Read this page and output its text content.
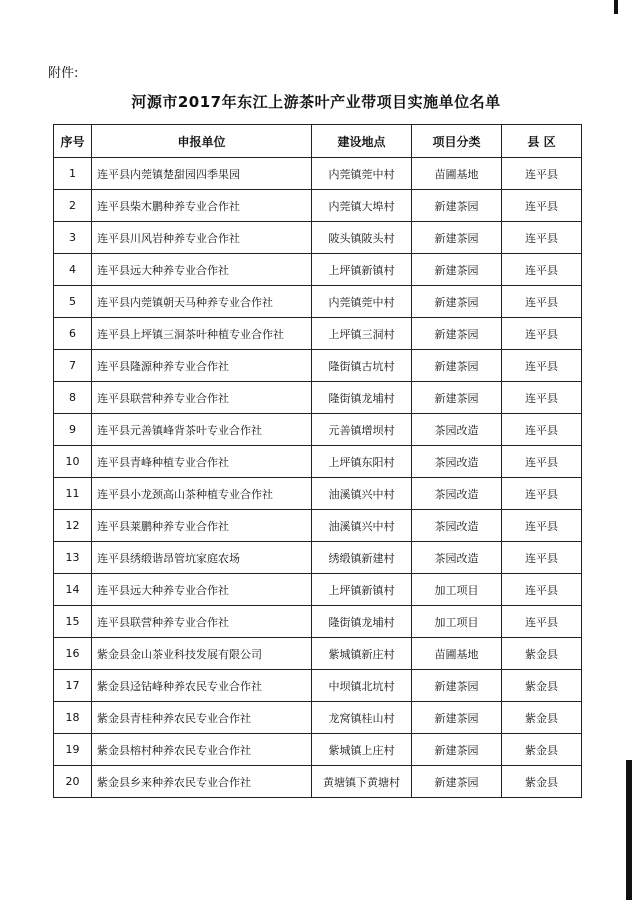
附件:
河源市2017年东江上游茶叶产业带项目实施单位名单
序号	申报单位	建设地点	项目分类	县 区
1	连平县内莞镇楚甜园四季果园	内莞镇莞中村	苗圃基地	连平县
2	连平县柴木鹏种养专业合作社	内莞镇大埠村	新建茶园	连平县
3	连平县川风岩种养专业合作社	陂头镇陂头村	新建茶园	连平县
4	连平县远大种养专业合作社	上坪镇新镇村	新建茶园	连平县
5	连平县内莞镇朝天马种养专业合作社	内莞镇莞中村	新建茶园	连平县
6	连平县上坪镇三洞茶叶种植专业合作社	上坪镇三洞村	新建茶园	连平县
7	连平县隆源种养专业合作社	隆街镇古坑村	新建茶园	连平县
8	连平县联营种养专业合作社	隆街镇龙埔村	新建茶园	连平县
9	连平县元善镇峰背茶叶专业合作社	元善镇增坝村	茶园改造	连平县
10	连平县青峰种植专业合作社	上坪镇东阳村	茶园改造	连平县
11	连平县小龙颈高山茶种植专业合作社	油溪镇兴中村	茶园改造	连平县
12	连平县莱鹏种养专业合作社	油溪镇兴中村	茶园改造	连平县
13	连平县绣缎谐昂管坑家庭农场	绣缎镇新建村	茶园改造	连平县
14	连平县远大种养专业合作社	上坪镇新镇村	加工项目	连平县
15	连平县联营种养专业合作社	隆街镇龙埔村	加工项目	连平县
16	紫金县金山茶业科技发展有限公司	紫城镇新庄村	苗圃基地	紫金县
17	紫金县迳钻峰种养农民专业合作社	中坝镇北坑村	新建茶园	紫金县
18	紫金县青桂种养农民专业合作社	龙窝镇桂山村	新建茶园	紫金县
19	紫金县榕村种养农民专业合作社	紫城镇上庄村	新建茶园	紫金县
20	紫金县乡来种养农民专业合作社	黄塘镇下黄塘村	新建茶园	紫金县
